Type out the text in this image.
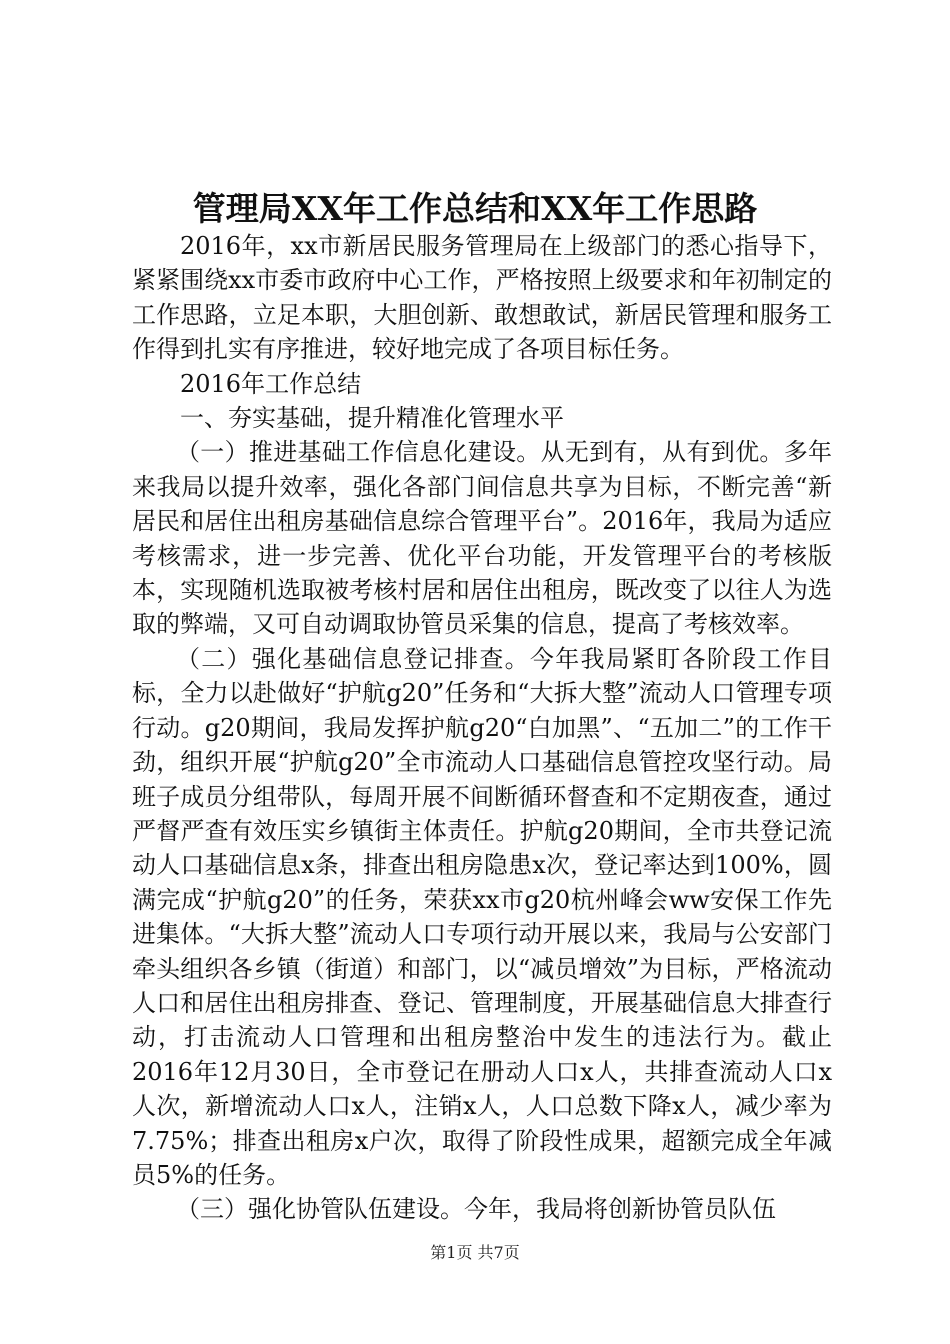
管理局XX年工作总结和XX年工作思路

2016年，xx市新居民服务管理局在上级部门的悉心指导下，紧紧围绕xx市委市政府中心工作，严格按照上级要求和年初制定的工作思路，立足本职，大胆创新、敢想敢试，新居民管理和服务工作得到扎实有序推进，较好地完成了各项目标任务。

2016年工作总结

一、夯实基础，提升精准化管理水平

（一）推进基础工作信息化建设。从无到有，从有到优。多年来我局以提升效率，强化各部门间信息共享为目标，不断完善“新居民和居住出租房基础信息综合管理平台”。2016年，我局为适应考核需求，进一步完善、优化平台功能，开发管理平台的考核版本，实现随机选取被考核村居和居住出租房，既改变了以往人为选取的弊端，又可自动调取协管员采集的信息，提高了考核效率。

（二）强化基础信息登记排查。今年我局紧盯各阶段工作目标，全力以赴做好“护航g20”任务和“大拆大整”流动人口管理专项行动。g20期间，我局发挥护航g20“白加黑”、“五加二”的工作干劲，组织开展“护航g20”全市流动人口基础信息管控攻坚行动。局班子成员分组带队，每周开展不间断循环督查和不定期夜查，通过严督严查有效压实乡镇街主体责任。护航g20期间，全市共登记流动人口基础信息x条，排查出租房隐患x次，登记率达到100%，圆满完成“护航g20”的任务，荣获xx市g20杭州峰会ww安保工作先进集体。“大拆大整”流动人口专项行动开展以来，我局与公安部门牵头组织各乡镇（街道）和部门，以“减员增效”为目标，严格流动人口和居住出租房排查、登记、管理制度，开展基础信息大排查行动，打击流动人口管理和出租房整治中发生的违法行为。截止2016年12月30日，全市登记在册动人口x人，共排查流动人口x人次，新增流动人口x人，注销x人，人口总数下降x人，减少率为7.75%；排查出租房x户次，取得了阶段性成果，超额完成全年减员5%的任务。

（三）强化协管队伍建设。今年，我局将创新协管员队伍

第1页 共7页
